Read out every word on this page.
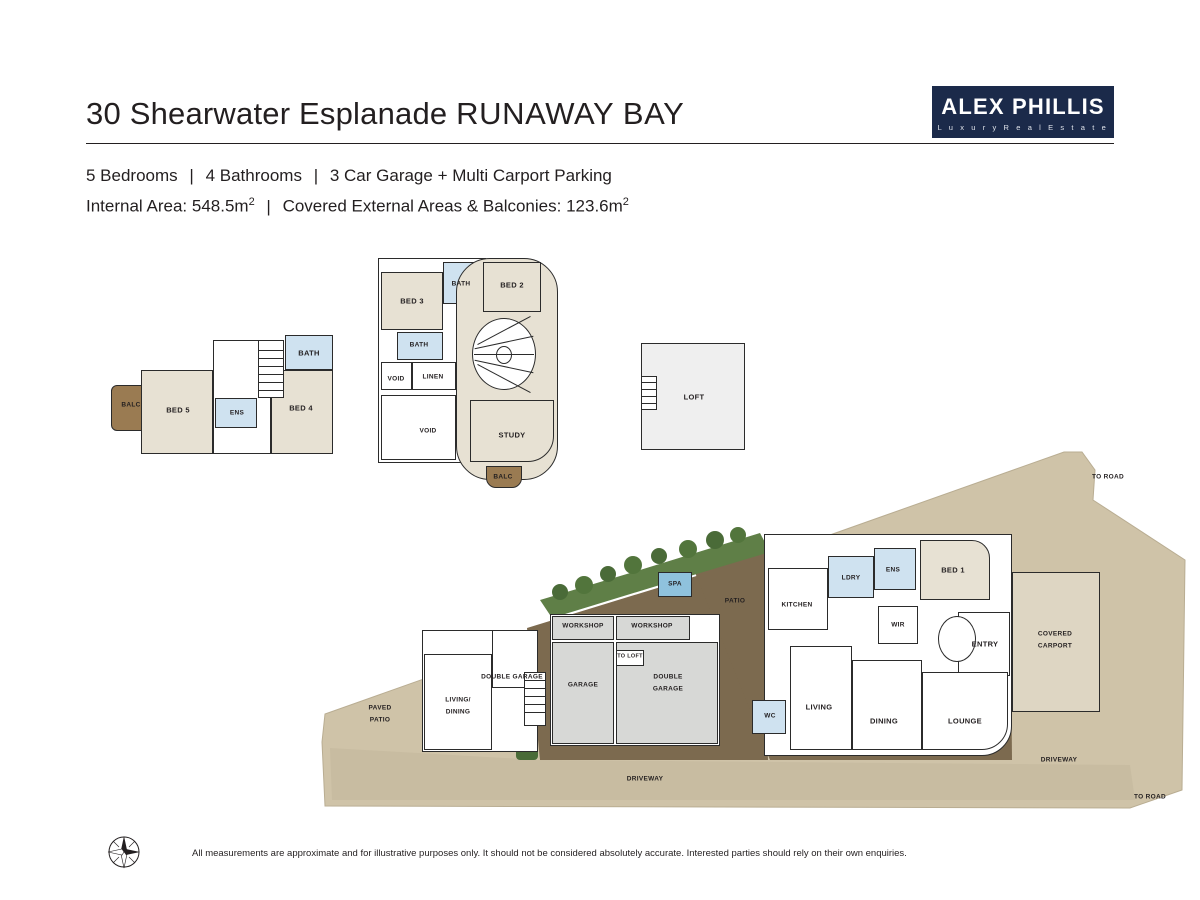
30 Shearwater Esplanade RUNAWAY BAY	ALEX PHILLIS
L u x u r y R e a l E s t a t e
5 Bedrooms | 4 Bathrooms | 3 Car Garage + Multi Carport Parking
Internal Area: $548.5m^2$ | Covered External Areas & Balconies: $123.6m^2$
BALC
BED 5	ENS
BED 4
BATH
BED 3
BATH	BED 2
BATH
VOID	LINEN
VOID	STUDY
BALC
LOFT
SPA
PATIO
KITCHEN
LDRY
ENS	BED 1
WIR
ENTRY
WC
LIVING
DINING	LOUNGE
COVERED
CARPORT
WORKSHOP	WORKSHOP
TO LOFT
GARAGE
DOUBLE
GARAGE
DOUBLE GARAGE
LIVING/
DINING
PAVED
PATIO
DRIVEWAY
DRIVEWAY
TO ROAD
TO ROAD
All measurements are approximate and for illustrative purposes only. It should not be considered absolutely accurate. Interested parties should rely on their own enquiries.
